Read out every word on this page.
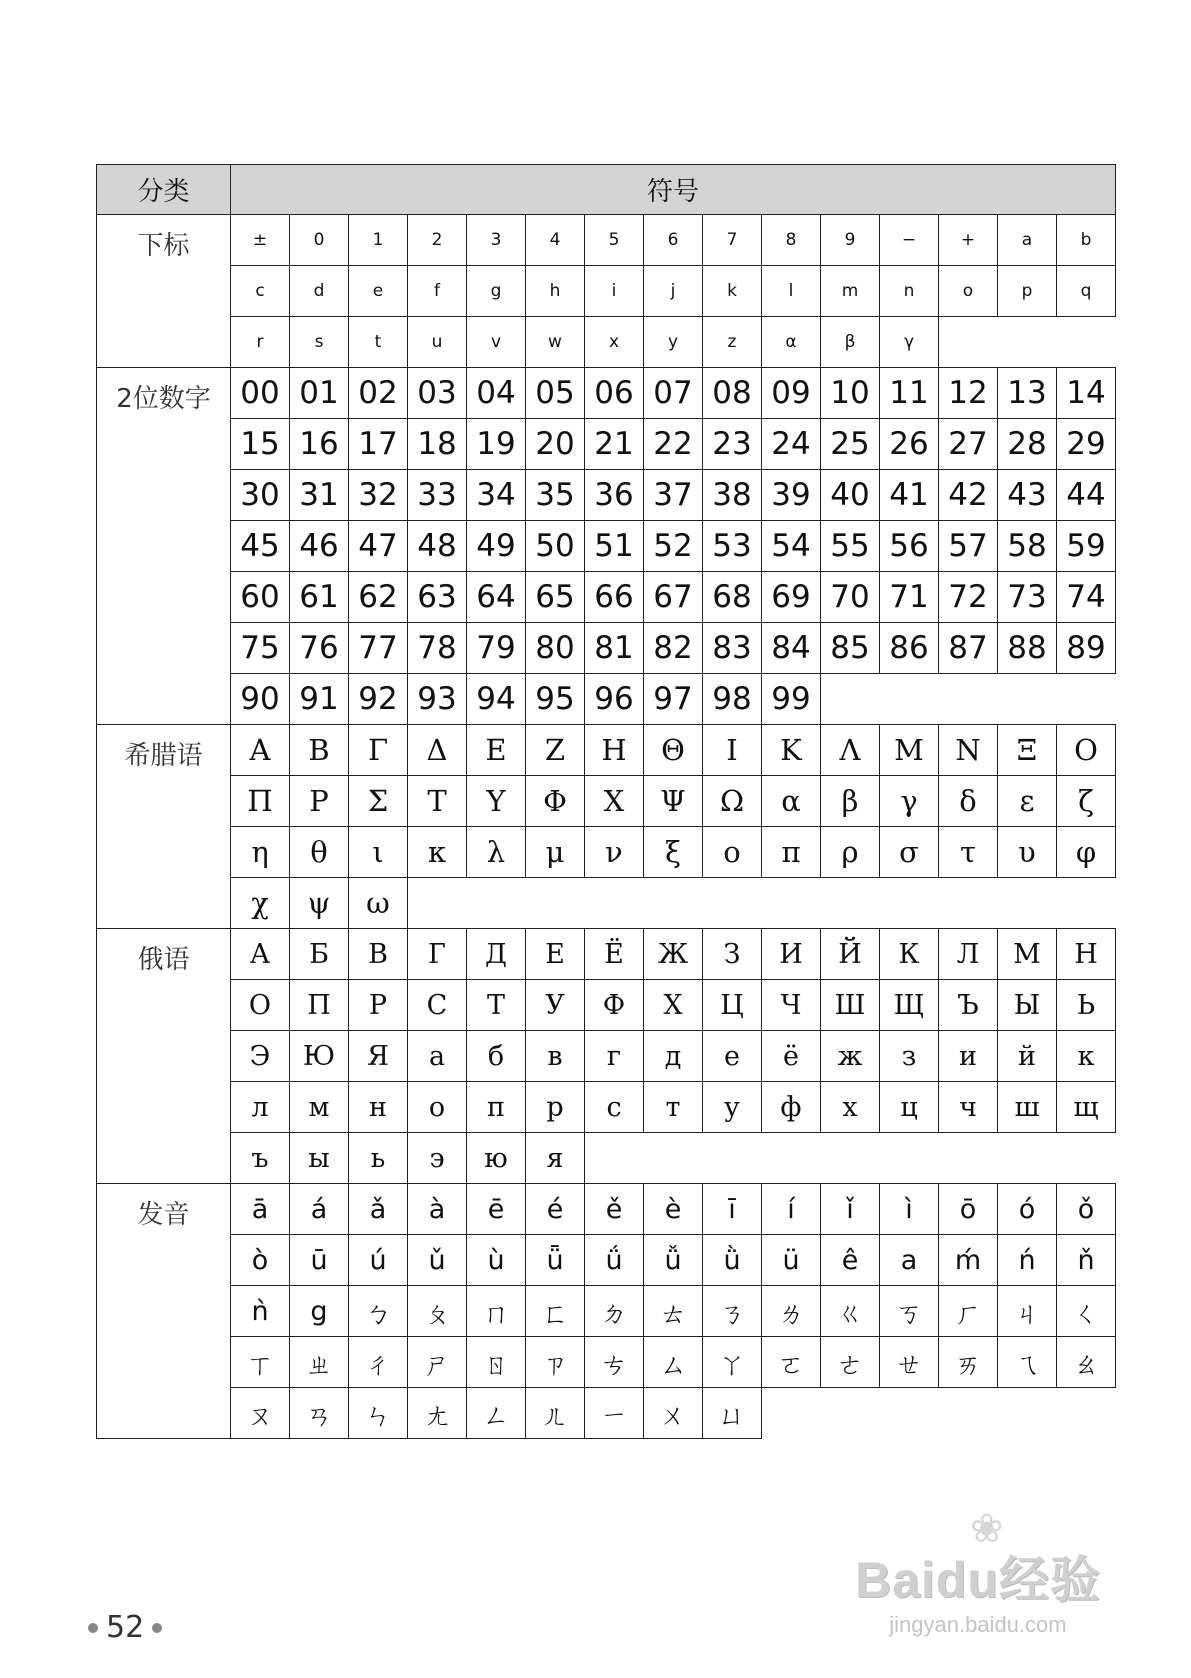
分类	符号														
下标	±	0	1	2	3	4	5	6	7	8	9	−	+	a	b
	c	d	e	f	g	h	i	j	k	l	m	n	o	p	q
	r	s	t	u	v	w	x	y	z	α	β	γ			
2位数字	00	01	02	03	04	05	06	07	08	09	10	11	12	13	14
	15	16	17	18	19	20	21	22	23	24	25	26	27	28	29
	30	31	32	33	34	35	36	37	38	39	40	41	42	43	44
	45	46	47	48	49	50	51	52	53	54	55	56	57	58	59
	60	61	62	63	64	65	66	67	68	69	70	71	72	73	74
	75	76	77	78	79	80	81	82	83	84	85	86	87	88	89
	90	91	92	93	94	95	96	97	98	99					
希腊语	Α	Β	Γ	Δ	Ε	Ζ	Η	Θ	Ι	Κ	Λ	Μ	Ν	Ξ	Ο
	Π	Ρ	Σ	Τ	Υ	Φ	Χ	Ψ	Ω	α	β	γ	δ	ε	ζ
	η	θ	ι	κ	λ	μ	ν	ξ	ο	π	ρ	σ	τ	υ	φ
	χ	ψ	ω												
俄语	А	Б	В	Г	Д	Е	Ё	Ж	З	И	Й	К	Л	М	Н
	О	П	Р	С	Т	У	Ф	Х	Ц	Ч	Ш	Щ	Ъ	Ы	Ь
	Э	Ю	Я	а	б	в	г	д	е	ё	ж	з	и	й	к
	л	м	н	о	п	р	с	т	у	ф	х	ц	ч	ш	щ
	ъ	ы	ь	э	ю	я									
发音	ā	á	ǎ	à	ē	é	ě	è	ī	í	ǐ	ì	ō	ó	ǒ
	ò	ū	ú	ǔ	ù	ǖ	ǘ	ǚ	ǜ	ü	ê	a	ḿ	ń	ň
	ǹ	g	ㄅ	ㄆ	ㄇ	ㄈ	ㄉ	ㄊ	ㄋ	ㄌ	ㄍ	ㄎ	ㄏ	ㄐ	ㄑ
	ㄒ	ㄓ	ㄔ	ㄕ	ㄖ	ㄗ	ㄘ	ㄙ	ㄚ	ㄛ	ㄜ	ㄝ	ㄞ	ㄟ	ㄠ
	ㄡ	ㄢ	ㄣ	ㄤ	ㄥ	ㄦ	ㄧ	ㄨ	ㄩ						
52
❀
Baidu经验
jingyan.baidu.com
